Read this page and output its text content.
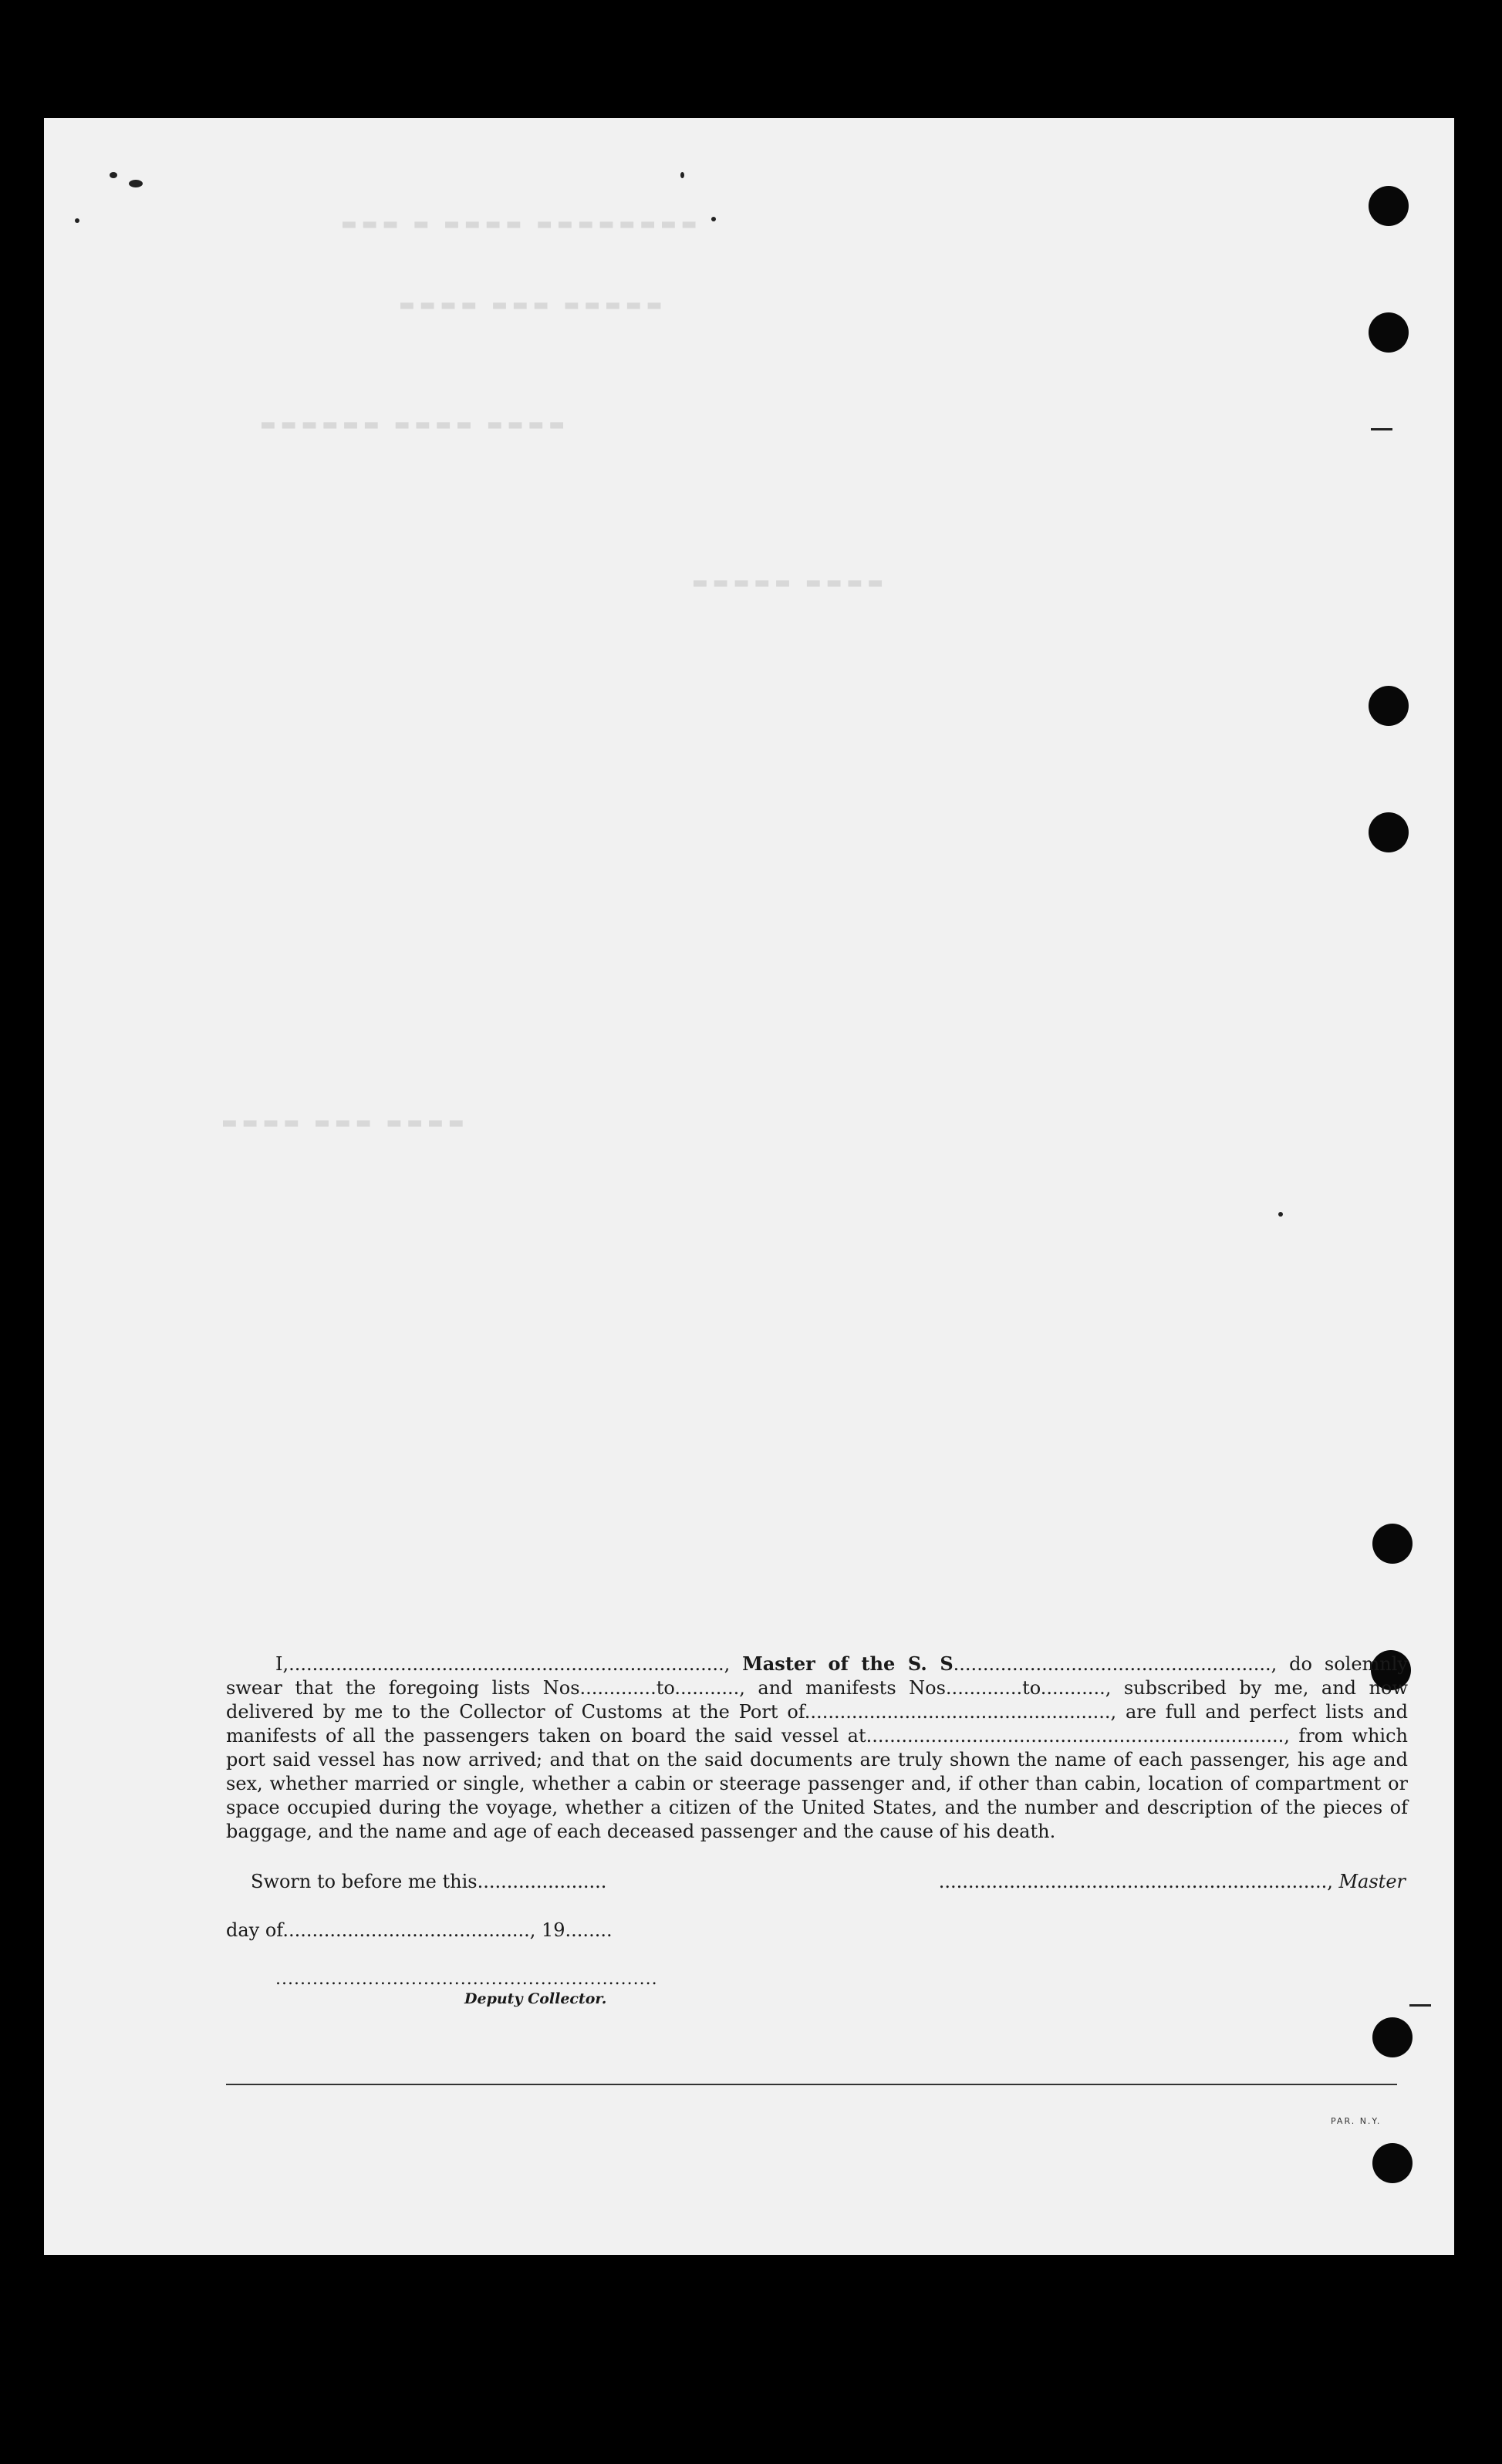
▬▬▬ ▬ ▬▬▬▬ ▬▬▬▬▬▬▬▬
▬▬▬▬ ▬▬▬ ▬▬▬▬▬
▬▬▬▬▬▬ ▬▬▬▬ ▬▬▬▬
▬▬▬▬▬ ▬▬▬▬
▬▬▬▬ ▬▬▬ ▬▬▬▬

I,.........................................................................., Master of the S. S......................................................, do solemnly swear that the foregoing lists Nos.............to..........., and manifests Nos.............to..........., subscribed by me, and now delivered by me to the Collector of Customs at the Port of...................................................., are full and perfect lists and manifests of all the passengers taken on board the said vessel at......................................................................., from which port said vessel has now arrived; and that on the said documents are truly shown the name of each passenger, his age and sex, whether married or single, whether a cabin or steerage passenger and, if other than cabin, location of compartment or space occupied during the voyage, whether a citizen of the United States, and the number and description of the pieces of baggage, and the name and age of each deceased passenger and the cause of his death.

Sworn to before me this......................	.................................................................., Master
day of.........................................., 19........
..............................................................
Deputy Collector.
PAR. N.Y.
